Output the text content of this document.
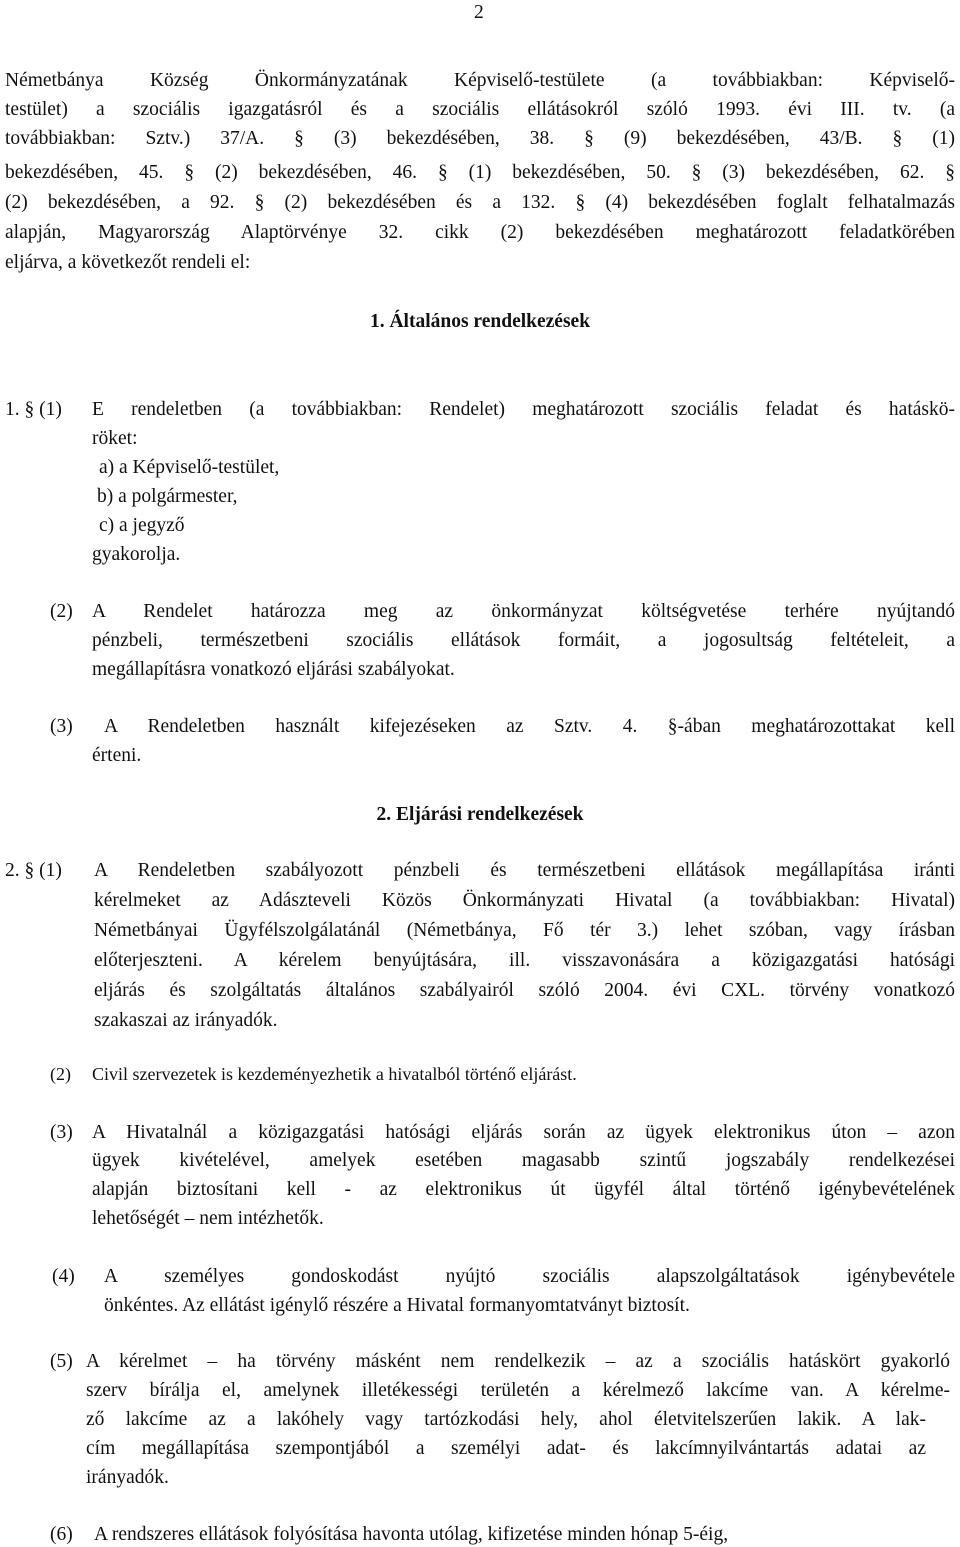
2
Németbánya Község Önkormányzatának Képviselő-testülete (a továbbiakban: Képviselő-
testület) a szociális igazgatásról és a szociális ellátásokról szóló 1993. évi III. tv. (a
továbbiakban: Sztv.) 37/A. § (3) bekezdésében, 38. § (9) bekezdésében, 43/B. § (1)
bekezdésében, 45. § (2) bekezdésében, 46. § (1) bekezdésében, 50. § (3) bekezdésében, 62. §
(2) bekezdésében, a 92. § (2) bekezdésében és a 132. § (4) bekezdésében foglalt felhatalmazás
alapján, Magyarország Alaptörvénye 32. cikk (2) bekezdésében meghatározott feladatkörében
eljárva, a következőt rendeli el:
1. Általános rendelkezések
1. § (1) E rendeletben (a továbbiakban: Rendelet) meghatározott szociális feladat és hatáskö-
röket:
a) a Képviselő-testület,
b) a polgármester,
c) a jegyző
gyakorolja.
(2) A Rendelet határozza meg az önkormányzat költségvetése terhére nyújtandó
pénzbeli, természetbeni szociális ellátások formáit, a jogosultság feltételeit, a
megállapításra vonatkozó eljárási szabályokat.
(3) A Rendeletben használt kifejezéseken az Sztv. 4. §-ában meghatározottakat kell
érteni.
2. Eljárási rendelkezések
2. § (1) A Rendeletben szabályozott pénzbeli és természetbeni ellátások megállapítása iránti
kérelmeket az Adászteveli Közös Önkormányzati Hivatal (a továbbiakban: Hivatal)
Németbányai Ügyfélszolgálatánál (Németbánya, Fő tér 3.) lehet szóban, vagy írásban
előterjeszteni. A kérelem benyújtására, ill. visszavonására a közigazgatási hatósági
eljárás és szolgáltatás általános szabályairól szóló 2004. évi CXL. törvény vonatkozó
szakaszai az irányadók.
(2) Civil szervezetek is kezdeményezhetik a hivatalból történő eljárást.
(3) A Hivatalnál a közigazgatási hatósági eljárás során az ügyek elektronikus úton – azon
ügyek kivételével, amelyek esetében magasabb szintű jogszabály rendelkezései
alapján biztosítani kell - az elektronikus út ügyfél által történő igénybevételének
lehetőségét – nem intézhetők.
(4) A személyes gondoskodást nyújtó szociális alapszolgáltatások igénybevétele
önkéntes. Az ellátást igénylő részére a Hivatal formanyomtatványt biztosít.
(5) A kérelmet – ha törvény másként nem rendelkezik – az a szociális hatáskört gyakorló
szerv bírálja el, amelynek illetékességi területén a kérelmező lakcíme van. A kérelme-
ző lakcíme az a lakóhely vagy tartózkodási hely, ahol életvitelszerűen lakik. A lak-
cím megállapítása szempontjából a személyi adat- és lakcímnyilvántartás adatai az
irányadók.
(6) A rendszeres ellátások folyósítása havonta utólag, kifizetése minden hónap 5-éig,
